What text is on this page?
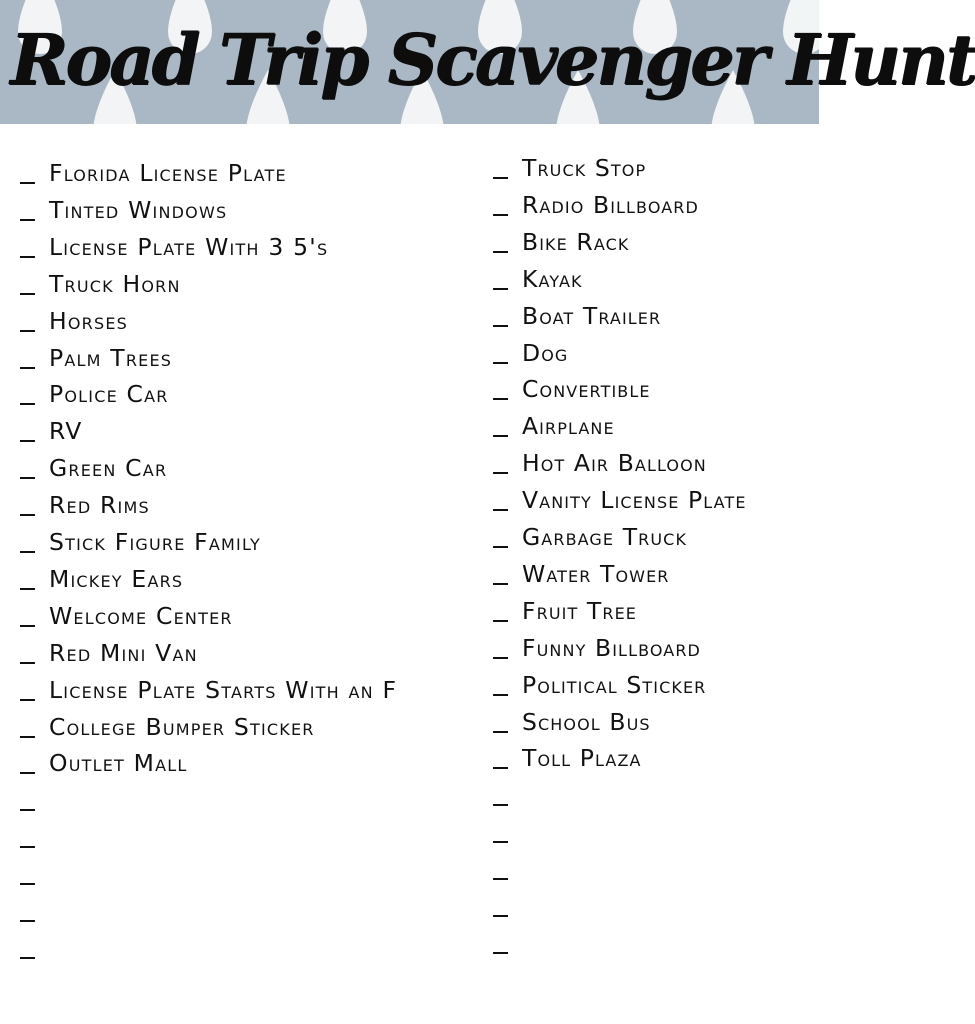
Road Trip Scavenger Hunt
Florida License Plate
Tinted Windows
License Plate With 3 5's
Truck Horn
Horses
Palm Trees
Police Car
RV
Green Car
Red Rims
Stick Figure Family
Mickey Ears
Welcome Center
Red Mini Van
License Plate Starts With an F
College Bumper Sticker
Outlet Mall
Truck Stop
Radio Billboard
Bike Rack
Kayak
Boat Trailer
Dog
Convertible
Airplane
Hot Air Balloon
Vanity License Plate
Garbage Truck
Water Tower
Fruit Tree
Funny Billboard
Political Sticker
School Bus
Toll Plaza
